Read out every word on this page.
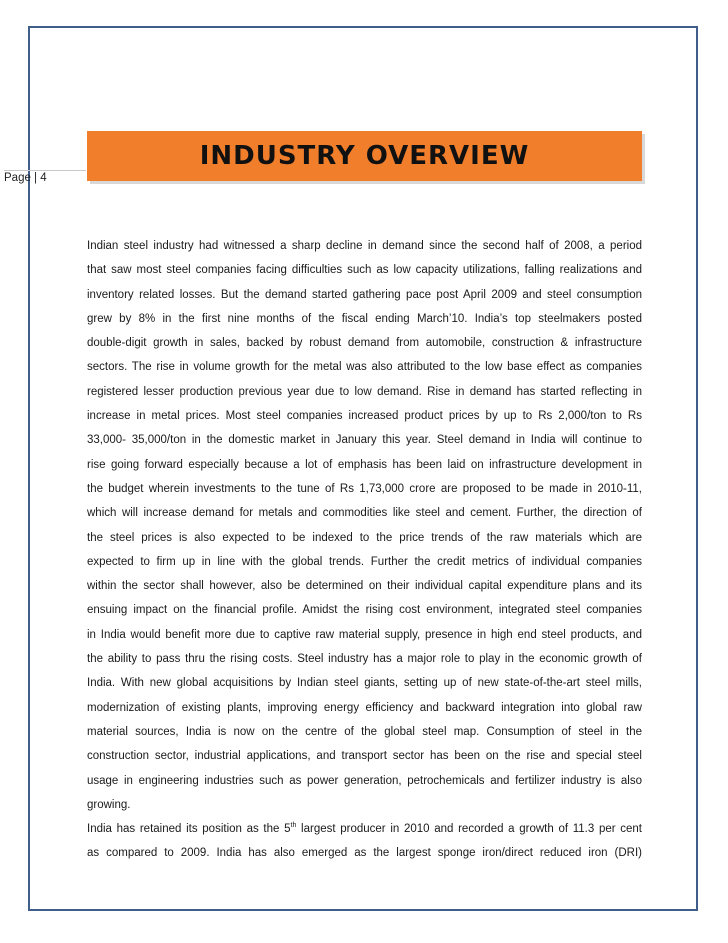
Page | 4
INDUSTRY OVERVIEW
Indian steel industry had witnessed a sharp decline in demand since the second half of 2008, a period
that saw most steel companies facing difficulties such as low capacity utilizations, falling realizations and
inventory related losses. But the demand started gathering pace post April 2009 and steel consumption
grew by 8% in the first nine months of the fiscal ending March’10. India’s top steelmakers posted
double-digit growth in sales, backed by robust demand from automobile, construction & infrastructure
sectors. The rise in volume growth for the metal was also attributed to the low base effect as companies
registered lesser production previous year due to low demand. Rise in demand has started reflecting in
increase in metal prices. Most steel companies increased product prices by up to Rs 2,000/ton to Rs
33,000- 35,000/ton in the domestic market in January this year. Steel demand in India will continue to
rise going forward especially because a lot of emphasis has been laid on infrastructure development in
the budget wherein investments to the tune of Rs 1,73,000 crore are proposed to be made in 2010-11,
which will increase demand for metals and commodities like steel and cement. Further, the direction of
the steel prices is also expected to be indexed to the price trends of the raw materials which are
expected to firm up in line with the global trends. Further the credit metrics of individual companies
within the sector shall however, also be determined on their individual capital expenditure plans and its
ensuing impact on the financial profile. Amidst the rising cost environment, integrated steel companies
in India would benefit more due to captive raw material supply, presence in high end steel products, and
the ability to pass thru the rising costs. Steel industry has a major role to play in the economic growth of
India. With new global acquisitions by Indian steel giants, setting up of new state-of-the-art steel mills,
modernization of existing plants, improving energy efficiency and backward integration into global raw
material sources, India is now on the centre of the global steel map. Consumption of steel in the
construction sector, industrial applications, and transport sector has been on the rise and special steel
usage in engineering industries such as power generation, petrochemicals and fertilizer industry is also
growing.
India has retained its position as the 5th largest producer in 2010 and recorded a growth of 11.3 per cent
as compared to 2009. India has also emerged as the largest sponge iron/direct reduced iron (DRI)
